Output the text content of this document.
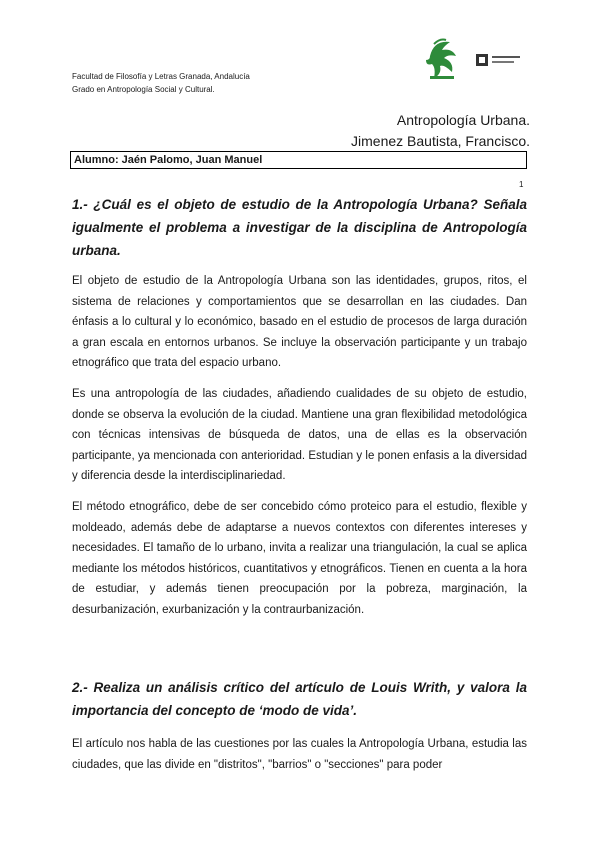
Facultad de Filosofía y Letras Granada, Andalucía
Grado en Antropología Social y Cultural.
Antropología Urbana.
Jimenez Bautista, Francisco.
Alumno: Jaén Palomo, Juan Manuel
1
1.- ¿Cuál es el objeto de estudio de la Antropología Urbana? Señala igualmente el problema a investigar de la disciplina de Antropología urbana.
El objeto de estudio de la Antropología Urbana son las identidades, grupos, ritos, el sistema de relaciones y comportamientos que se desarrollan en las ciudades. Dan énfasis a lo cultural y lo económico, basado en el estudio de procesos de larga duración a gran escala en entornos urbanos. Se incluye la observación participante y un trabajo etnográfico que trata del espacio urbano.
Es una antropología de las ciudades, añadiendo cualidades de su objeto de estudio, donde se observa la evolución de la ciudad. Mantiene una gran flexibilidad metodológica con técnicas intensivas de búsqueda de datos, una de ellas es la observación participante, ya mencionada con anterioridad. Estudian y le ponen enfasis a la diversidad y diferencia desde la interdisciplinariedad.
El método etnográfico, debe de ser concebido cómo proteico para el estudio, flexible y moldeado, además debe de adaptarse a nuevos contextos con diferentes intereses y necesidades. El tamaño de lo urbano, invita a realizar una triangulación, la cual se aplica mediante los métodos históricos, cuantitativos y etnográficos. Tienen en cuenta a la hora de estudiar, y además tienen preocupación por la pobreza, marginación, la desurbanización, exurbanización y la contraurbanización.
2.- Realiza un análisis crítico del artículo de Louis Writh, y valora la importancia del concepto de ‘modo de vida’.
El artículo nos habla de las cuestiones por las cuales la Antropología Urbana, estudia las ciudades, que las divide en "distritos", "barrios" o "secciones" para poder
